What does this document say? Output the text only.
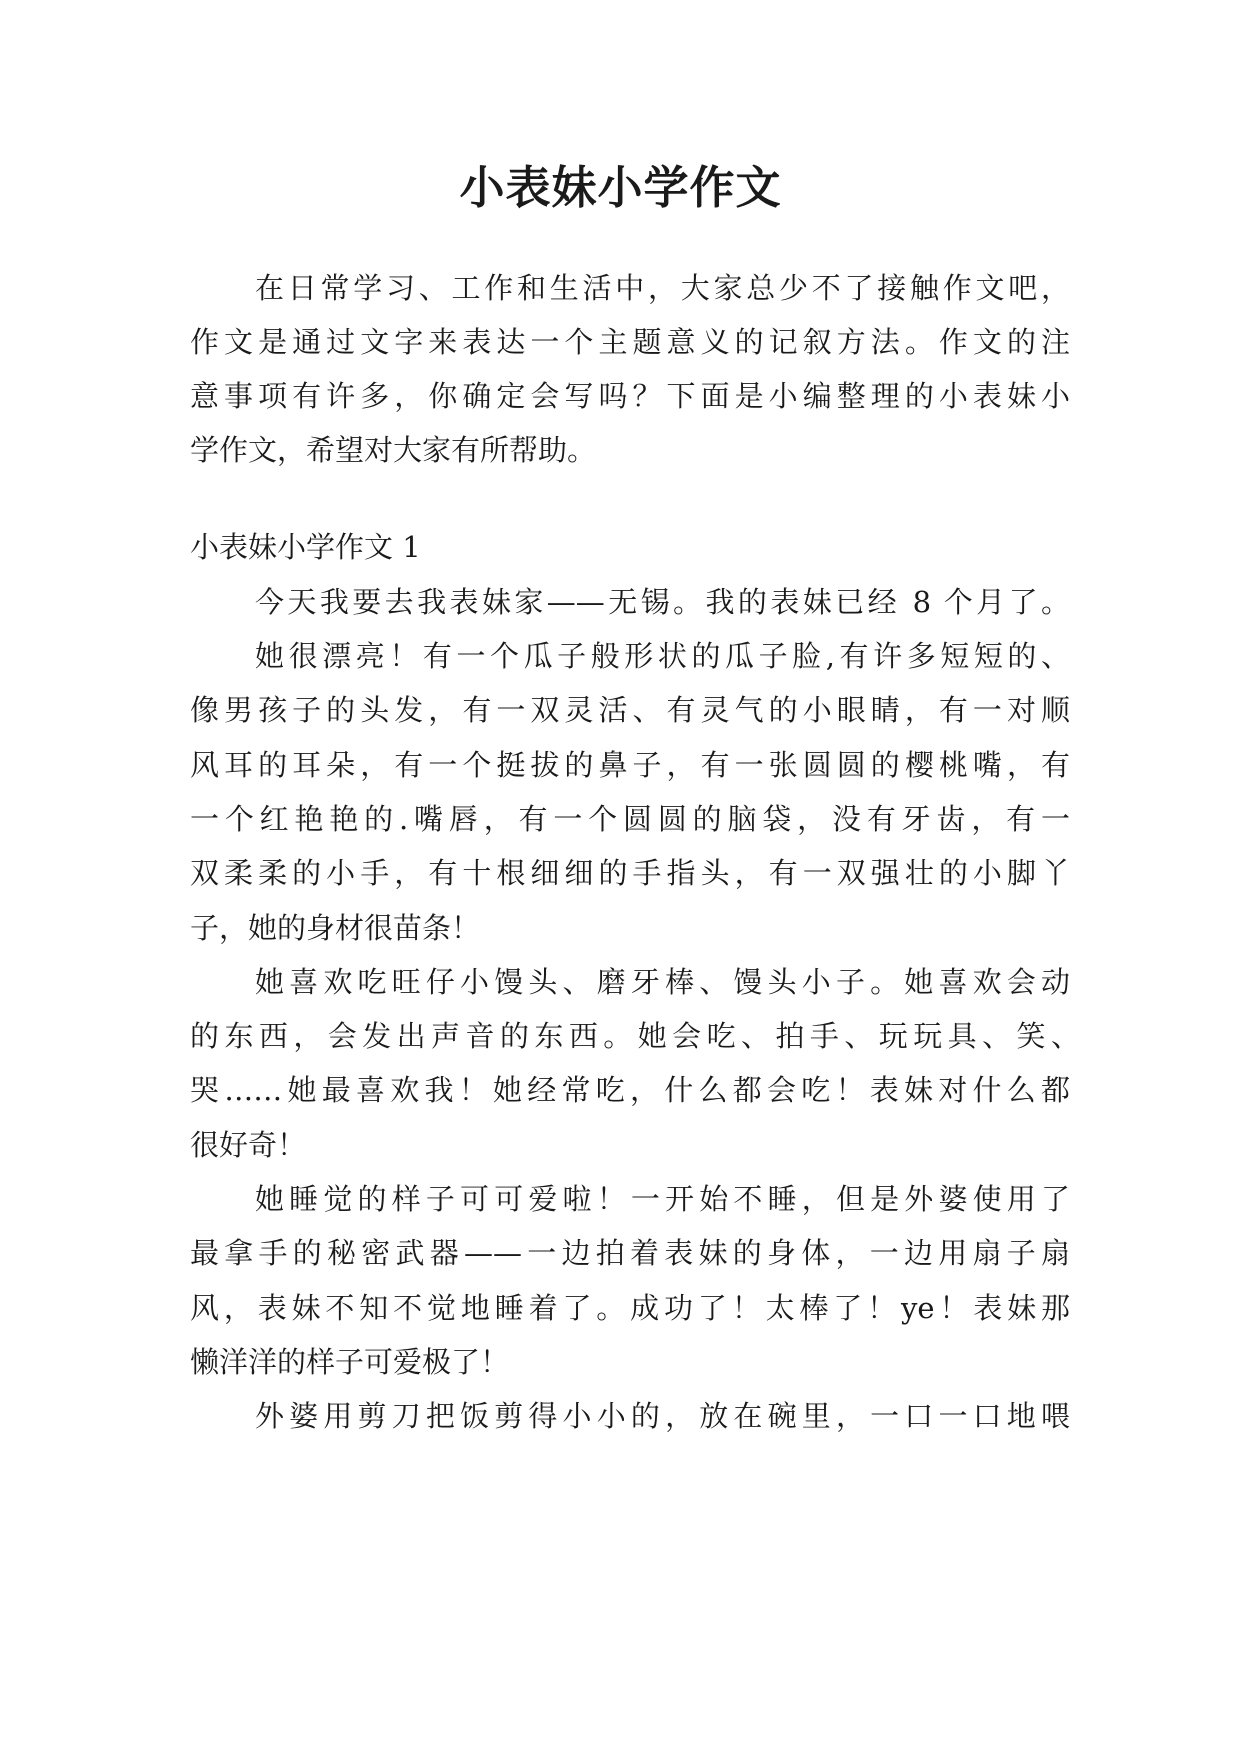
小表妹小学作文

在日常学习、工作和生活中，大家总少不了接触作文吧，

作文是通过文字来表达一个主题意义的记叙方法。作文的注

意事项有许多，你确定会写吗？下面是小编整理的小表妹小

学作文，希望对大家有所帮助。

小表妹小学作文 1

今天我要去我表妹家——无锡。我的表妹已经 8 个月了。

她很漂亮！有一个瓜子般形状的瓜子脸,有许多短短的、

像男孩子的头发，有一双灵活、有灵气的小眼睛，有一对顺

风耳的耳朵，有一个挺拔的鼻子，有一张圆圆的樱桃嘴，有

一个红艳艳的.嘴唇，有一个圆圆的脑袋，没有牙齿，有一

双柔柔的小手，有十根细细的手指头，有一双强壮的小脚丫

子，她的身材很苗条！

她喜欢吃旺仔小馒头、磨牙棒、馒头小子。她喜欢会动

的东西，会发出声音的东西。她会吃、拍手、玩玩具、笑、

哭……她最喜欢我！她经常吃，什么都会吃！表妹对什么都

很好奇！

她睡觉的样子可可爱啦！一开始不睡，但是外婆使用了

最拿手的秘密武器——一边拍着表妹的身体，一边用扇子扇

风，表妹不知不觉地睡着了。成功了！太棒了！ye！表妹那

懒洋洋的样子可爱极了！

外婆用剪刀把饭剪得小小的，放在碗里，一口一口地喂
